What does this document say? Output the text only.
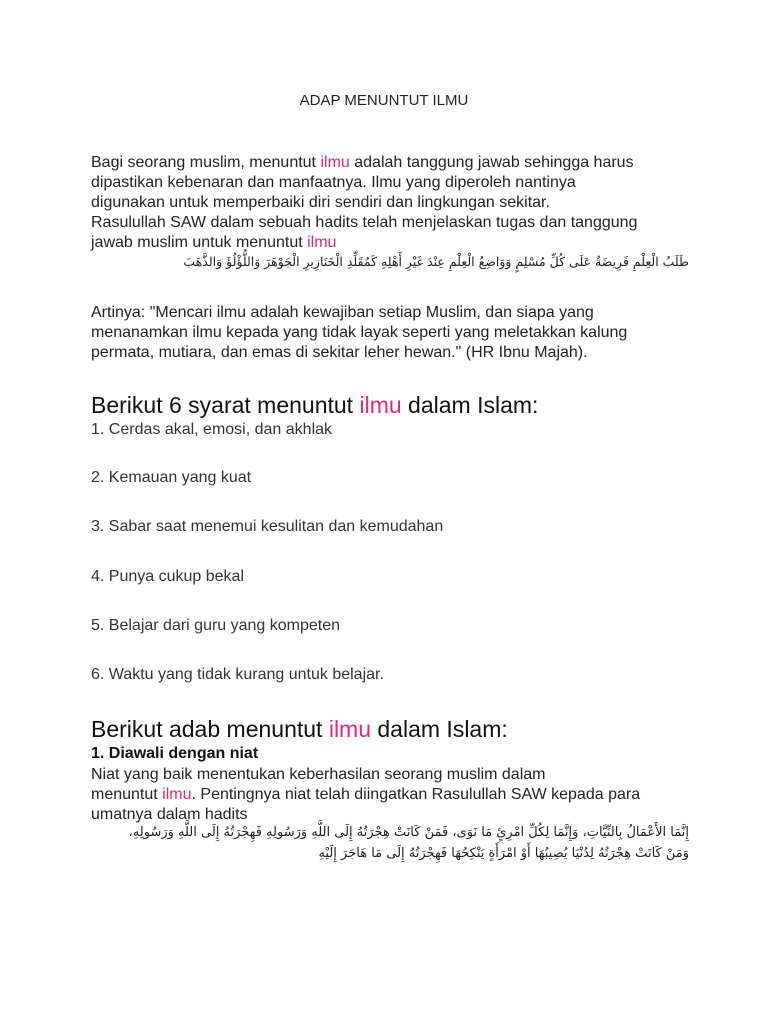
ADAP MENUNTUT ILMU
Bagi seorang muslim, menuntut ilmu adalah tanggung jawab sehingga harus
dipastikan kebenaran dan manfaatnya. Ilmu yang diperoleh nantinya
digunakan untuk memperbaiki diri sendiri dan lingkungan sekitar.
Rasulullah SAW dalam sebuah hadits telah menjelaskan tugas dan tanggung
jawab muslim untuk menuntut ilmu
طَلَبُ الْعِلْمِ فَرِيضَةٌ عَلَى كُلِّ مُسْلِمٍ وَوَاضِعُ الْعِلْمِ عِنْدَ غَيْرِ أَهْلِهِ كَمُقَلِّدِ الْخَنَازِيرِ الْجَوْهَرَ وَاللُّؤْلُؤَ وَالذَّهَبَ
Artinya: "Mencari ilmu adalah kewajiban setiap Muslim, dan siapa yang
menanamkan ilmu kepada yang tidak layak seperti yang meletakkan kalung
permata, mutiara, dan emas di sekitar leher hewan." (HR Ibnu Majah).
Berikut 6 syarat menuntut ilmu dalam Islam:
1. Cerdas akal, emosi, dan akhlak
2. Kemauan yang kuat
3. Sabar saat menemui kesulitan dan kemudahan
4. Punya cukup bekal
5. Belajar dari guru yang kompeten
6. Waktu yang tidak kurang untuk belajar.
Berikut adab menuntut ilmu dalam Islam:
1. Diawali dengan niat
Niat yang baik menentukan keberhasilan seorang muslim dalam
menuntut ilmu. Pentingnya niat telah diingatkan Rasulullah SAW kepada para
umatnya dalam hadits
إِنَّمَا الأَعْمَالُ بِالنِّيَّاتِ، وَإِنَّمَا لِكُلِّ امْرِئٍ مَا نَوَى، فَمَنْ كَانَتْ هِجْرَتُهُ إِلَى اللَّهِ وَرَسُولِهِ فَهِجْرَتُهُ إِلَى اللَّهِ وَرَسُولِهِ،
وَمَنْ كَانَتْ هِجْرَتُهُ لِدُنْيَا يُصِيبُهَا أَوْ امْرَأَةٍ يَنْكِحُهَا فَهِجْرَتُهُ إِلَى مَا هَاجَرَ إِلَيْهِ
